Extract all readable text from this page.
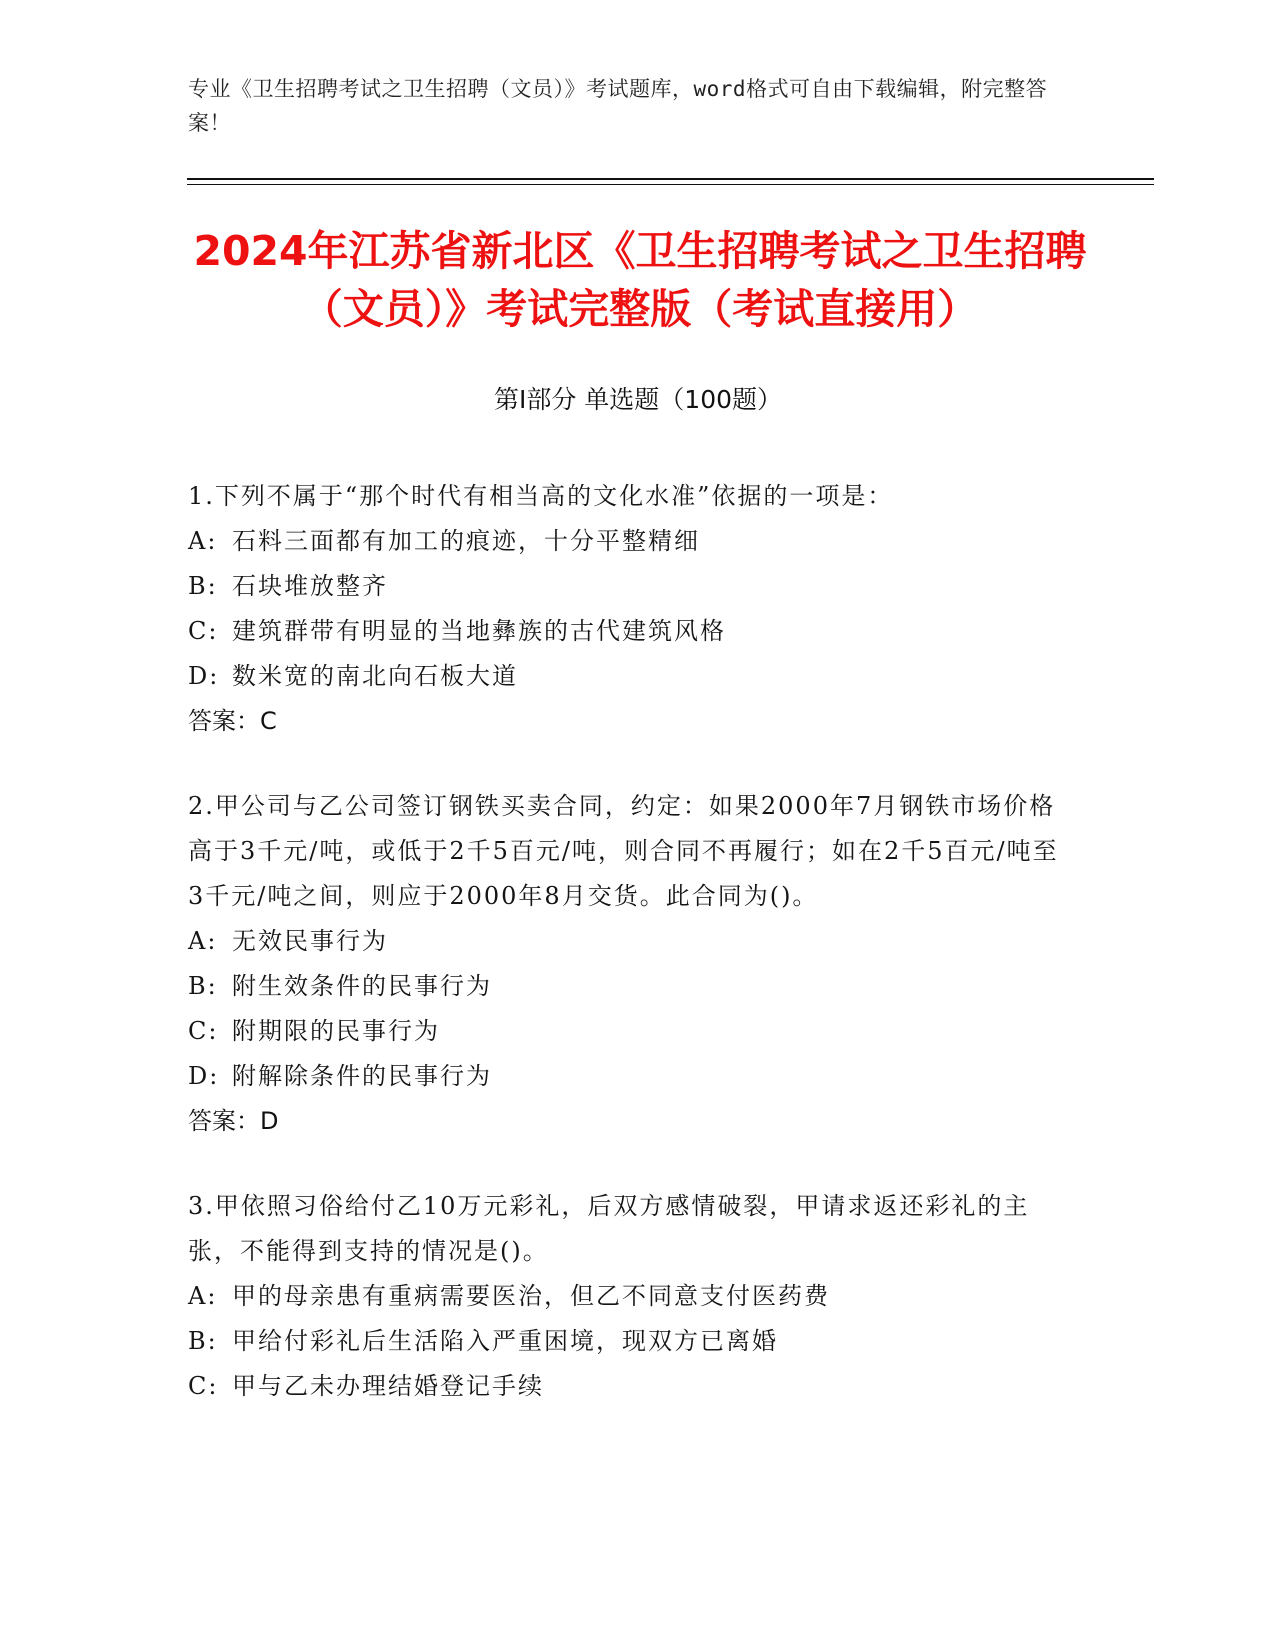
专业《卫生招聘考试之卫生招聘（文员）》考试题库，word格式可自由下载编辑，附完整答案！
2024年江苏省新北区《卫生招聘考试之卫生招聘（文员）》考试完整版（考试直接用）
第Ⅰ部分 单选题（100题）

1.下列不属于“那个时代有相当高的文化水准”依据的一项是：

A: 石料三面都有加工的痕迹，十分平整精细

B: 石块堆放整齐

C: 建筑群带有明显的当地彝族的古代建筑风格

D: 数米宽的南北向石板大道

答案：C

2.甲公司与乙公司签订钢铁买卖合同，约定：如果2000年7月钢铁市场价格高于3千元/吨，或低于2千5百元/吨，则合同不再履行；如在2千5百元/吨至3千元/吨之间，则应于2000年8月交货。此合同为()。

A: 无效民事行为

B: 附生效条件的民事行为

C: 附期限的民事行为

D: 附解除条件的民事行为

答案：D

3.甲依照习俗给付乙10万元彩礼，后双方感情破裂，甲请求返还彩礼的主张，不能得到支持的情况是()。

A: 甲的母亲患有重病需要医治，但乙不同意支付医药费

B: 甲给付彩礼后生活陷入严重困境，现双方已离婚

C: 甲与乙未办理结婚登记手续
